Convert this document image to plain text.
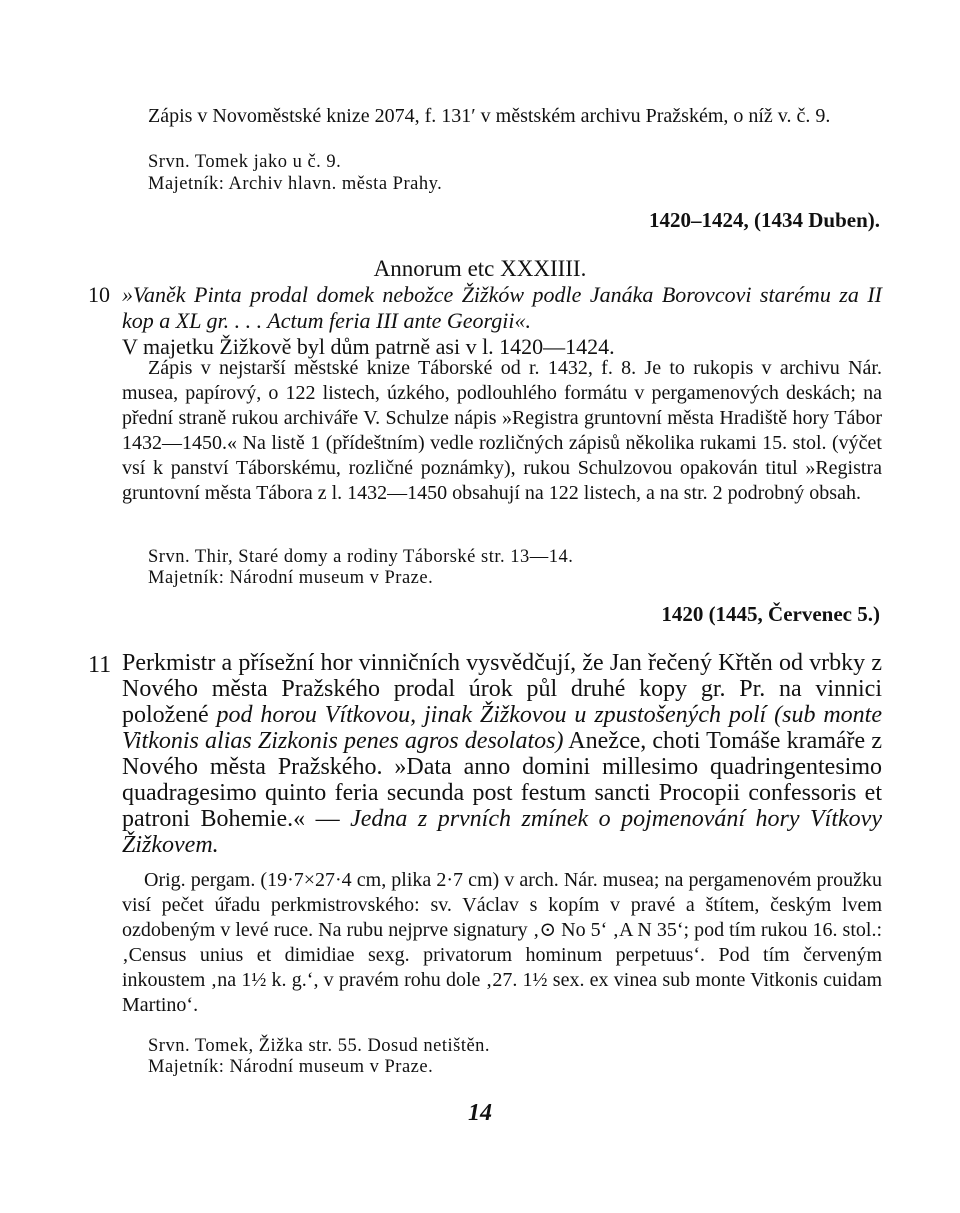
Zápis v Novoměstské knize 2074, f. 131′ v městském archivu Pražském, o níž v. č. 9.

Srvn. Tomek jako u č. 9.

Majetník: Archiv hlavn. města Prahy.

1420–1424, (1434 Duben).
Annorum etc XXXIIII.
10 »Vaněk Pinta prodal domek nebožce Žižków podle Janáka Borovcovi starému za II kop a XL gr. . . . Actum feria III ante Georgii«.

V majetku Žižkově byl dům patrně asi v l. 1420—1424.

Zápis v nejstarší městské knize Táborské od r. 1432, f. 8. Je to rukopis v archivu Nár. musea, papírový, o 122 listech, úzkého, podlouhlého formátu v pergamenových deskách; na přední straně rukou archiváře V. Schulze nápis »Registra gruntovní města Hradiště hory Tábor 1432—1450.« Na listě 1 (přídeštním) vedle rozličných zápisů několika rukami 15. stol. (výčet vsí k panství Táborskému, rozličné poznámky), rukou Schulzovou opakován titul »Registra gruntovní města Tábora z l. 1432—1450 obsahují na 122 listech, a na str. 2 podrobný obsah.

Srvn. Thir, Staré domy a rodiny Táborské str. 13—14.

Majetník: Národní museum v Praze.

1420 (1445, Červenec 5.)
11 Perkmistr a přísežní hor vinničních vysvědčují, že Jan řečený Křtěn od vrbky z Nového města Pražského prodal úrok půl druhé kopy gr. Pr. na vinnici položené pod horou Vítkovou, jinak Žižkovou u zpustošených polí (sub monte Vitkonis alias Zizkonis penes agros desolatos) Anežce, choti Tomáše kramáře z Nového města Pražského. »Data anno domini millesimo quadringentesimo quadragesimo quinto feria secunda post festum sancti Procopii confessoris et patroni Bohemie.« — Jedna z prvních zmínek o pojmenování hory Vítkovy Žižkovem.

Orig. pergam. (19·7×27·4 cm, plika 2·7 cm) v arch. Nár. musea; na pergamenovém proužku visí pečet úřadu perkmistrovského: sv. Václav s kopím v pravé a štítem, českým lvem ozdobeným v levé ruce. Na rubu nejprve signatury ‚⊙ No 5‘ ‚A N 35‘; pod tím rukou 16. stol.: ‚Census unius et dimidiae sexg. privatorum hominum perpetuus‘. Pod tím červeným inkoustem ‚na 1½ k. g.‘, v pravém rohu dole ‚27. 1½ sex. ex vinea sub monte Vitkonis cuidam Martino‘.

Srvn. Tomek, Žižka str. 55. Dosud netištěn.

Majetník: Národní museum v Praze.

14
